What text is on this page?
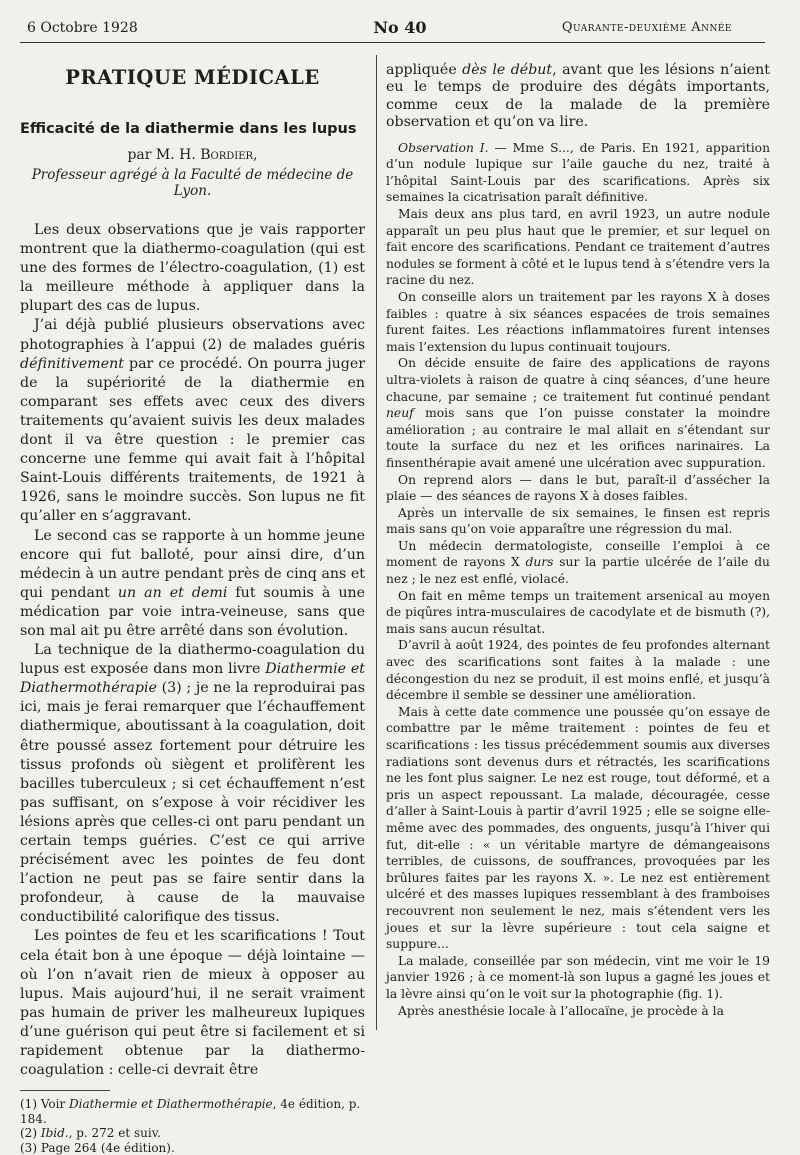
6 Octobre 1928	No 40	Quarante-deuxième Année
PRATIQUE MÉDICALE
Efficacité de la diathermie dans les lupus
par M. H. Bordier,
Professeur agrégé à la Faculté de médecine de Lyon.

Les deux observations que je vais rapporter montrent que la diathermo-coagulation (qui est une des formes de l’électro-coagulation, (1) est la meilleure méthode à appliquer dans la plupart des cas de lupus.

J’ai déjà publié plusieurs observations avec photographies à l’appui (2) de malades guéris définitivement par ce procédé. On pourra juger de la supériorité de la diathermie en comparant ses effets avec ceux des divers traitements qu’avaient suivis les deux malades dont il va être question : le premier cas concerne une femme qui avait fait à l’hôpital Saint-Louis différents traitements, de 1921 à 1926, sans le moindre succès. Son lupus ne fit qu’aller en s’aggravant.

Le second cas se rapporte à un homme jeune encore qui fut balloté, pour ainsi dire, d’un médecin à un autre pendant près de cinq ans et qui pendant un an et demi fut soumis à une médication par voie intra-veineuse, sans que son mal ait pu être arrêté dans son évolution.

La technique de la diathermo-coagulation du lupus est exposée dans mon livre Diathermie et Diathermothérapie (3) ; je ne la reproduirai pas ici, mais je ferai remarquer que l’échauffement diathermique, aboutissant à la coagulation, doit être poussé assez fortement pour détruire les tissus profonds où siègent et prolifèrent les bacilles tuberculeux ; si cet échauffement n’est pas suffisant, on s’expose à voir récidiver les lésions après que celles-ci ont paru pendant un certain temps guéries. C’est ce qui arrive précisément avec les pointes de feu dont l’action ne peut pas se faire sentir dans la profondeur, à cause de la mauvaise conductibilité calorifique des tissus.

Les pointes de feu et les scarifications ! Tout cela était bon à une époque — déjà lointaine — où l’on n’avait rien de mieux à opposer au lupus. Mais aujourd’hui, il ne serait vraiment pas humain de priver les malheureux lupiques d’une guérison qui peut être si facilement et si rapidement obtenue par la diathermo-coagulation : celle-ci devrait être

(1) Voir Diathermie et Diathermothérapie, 4e édition, p. 184.

(2) Ibid., p. 272 et suiv.

(3) Page 264 (4e édition).

appliquée dès le début, avant que les lésions n’aient eu le temps de produire des dégâts importants, comme ceux de la malade de la première observation et qu’on va lire.

Observation I. — Mme S..., de Paris. En 1921, apparition d’un nodule lupique sur l’aile gauche du nez, traité à l’hôpital Saint-Louis par des scarifications. Après six semaines la cicatrisation paraît définitive.

Mais deux ans plus tard, en avril 1923, un autre nodule apparaît un peu plus haut que le premier, et sur lequel on fait encore des scarifications. Pendant ce traitement d’autres nodules se forment à côté et le lupus tend à s’étendre vers la racine du nez.

On conseille alors un traitement par les rayons X à doses faibles : quatre à six séances espacées de trois semaines furent faites. Les réactions inflammatoires furent intenses mais l’extension du lupus continuait toujours.

On décide ensuite de faire des applications de rayons ultra-violets à raison de quatre à cinq séances, d’une heure chacune, par semaine ; ce traitement fut continué pendant neuf mois sans que l’on puisse constater la moindre amélioration ; au contraire le mal allait en s’étendant sur toute la surface du nez et les orifices narinaires. La finsenthérapie avait amené une ulcération avec suppuration.

On reprend alors — dans le but, paraît-il d’assécher la plaie — des séances de rayons X à doses faibles.

Après un intervalle de six semaines, le finsen est repris mais sans qu’on voie apparaître une régression du mal.

Un médecin dermatologiste, conseille l’emploi à ce moment de rayons X durs sur la partie ulcérée de l’aile du nez ; le nez est enflé, violacé.

On fait en même temps un traitement arsenical au moyen de piqûres intra-musculaires de cacodylate et de bismuth (?), mais sans aucun résultat.

D’avril à août 1924, des pointes de feu profondes alternant avec des scarifications sont faites à la malade : une décongestion du nez se produit, il est moins enflé, et jusqu’à décembre il semble se dessiner une amélioration.

Mais à cette date commence une poussée qu’on essaye de combattre par le même traitement : pointes de feu et scarifications : les tissus précédemment soumis aux diverses radiations sont devenus durs et rétractés, les scarifications ne les font plus saigner. Le nez est rouge, tout déformé, et a pris un aspect repoussant. La malade, découragée, cesse d’aller à Saint-Louis à partir d’avril 1925 ; elle se soigne elle-même avec des pommades, des onguents, jusqu’à l’hiver qui fut, dit-elle : « un véritable martyre de démangeaisons terribles, de cuissons, de souffrances, provoquées par les brûlures faites par les rayons X. ». Le nez est entièrement ulcéré et des masses lupiques ressemblant à des framboises recouvrent non seulement le nez, mais s’étendent vers les joues et sur la lèvre supérieure : tout cela saigne et suppure...

La malade, conseillée par son médecin, vint me voir le 19 janvier 1926 ; à ce moment-là son lupus a gagné les joues et la lèvre ainsi qu’on le voit sur la photographie (fig. 1).

Après anesthésie locale à l’allocaïne, je procède à la
